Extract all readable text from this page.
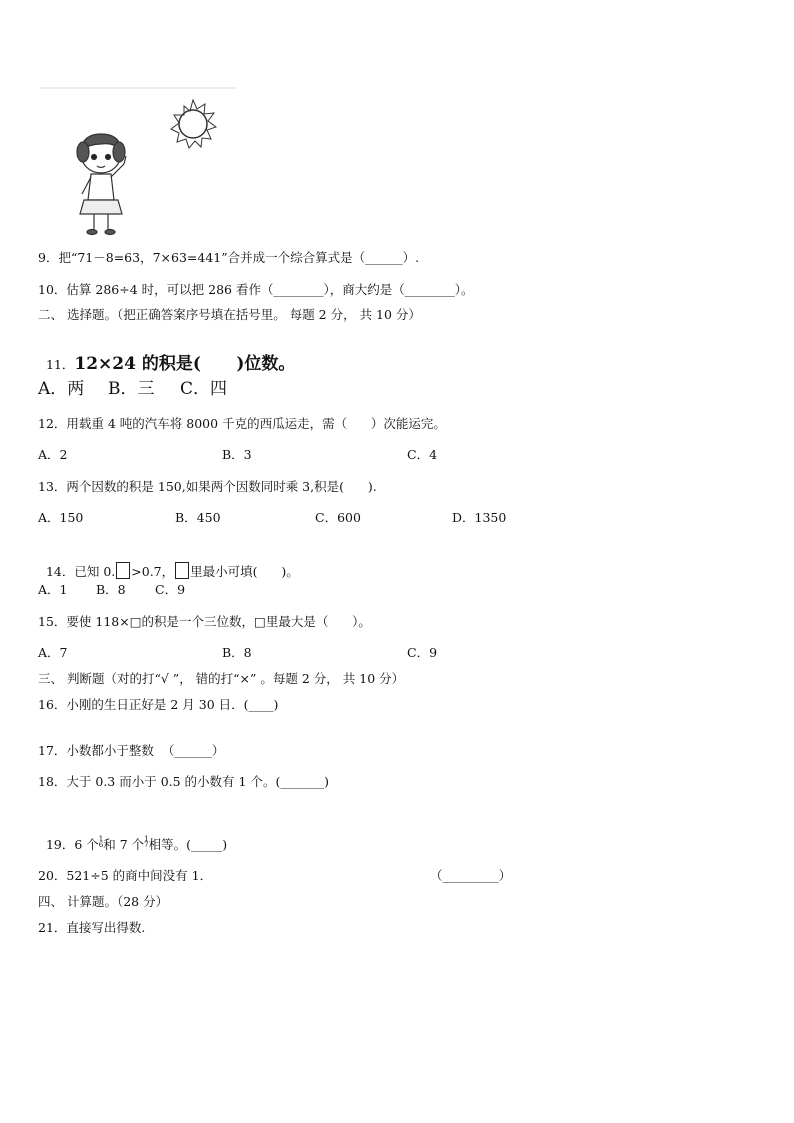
9．把“71－8=63，7×63=441”合并成一个综合算式是（______）.
10．估算 286÷4 时，可以把 286 看作（________），商大约是（________）。
二、 选择题。（把正确答案序号填在括号里。 每题 2 分， 共 10 分）

11．12×24 的积是(      )位数。

A．两 B．三 C．四
12．用载重 4 吨的汽车将 8000 千克的西瓜运走，需（      ）次能运完。
A．2	B．3	C．4
13．两个因数的积是 150,如果两个因数同时乘 3,积是(      ).
A．150	B．450	C．600	D．1350

14．已知 0. >0.7， 里最小可填(      )。

A．1 B．8 C．9
15．要使 118×□的积是一个三位数，□里最大是（      ）。
A．7	B．8	C．9
三、 判断题（对的打“√ ”， 错的打“×” 。每题 2 分， 共 10 分）
16．小刚的生日正好是 2 月 30 日．(____)
17．小数都小于整数  （______）
18．大于 0.3 而小于 0.5 的小数有 1 个。(_______)

19．6 个1
6和 7 个1
7相等。(_____)

20．521÷5 的商中间没有 1．	（_________）
四、 计算题。（28 分）
21．直接写出得数.
